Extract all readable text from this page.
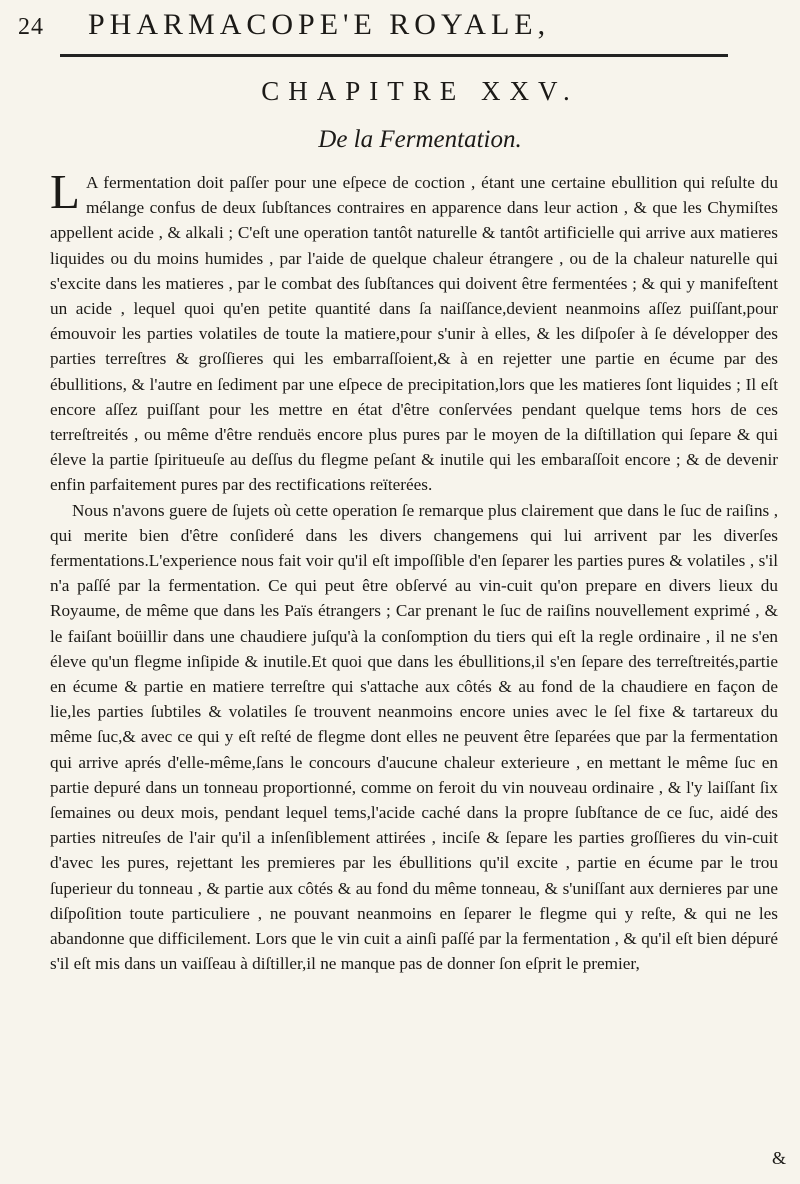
24 PHARMACOPE'E ROYALE,
CHAPITRE XXV.
De la Fermentation.

L A fermentation doit paſſer pour une eſpece de coction , étant une certaine ebullition qui reſulte du mélange confus de deux ſubſtances contraires en apparence dans leur action , & que les Chymiſtes appellent acide , & alkali ; C'eſt une operation tantôt naturelle & tantôt artificielle qui arrive aux matieres liquides ou du moins humides , par l'aide de quelque chaleur étrangere , ou de la chaleur naturelle qui s'excite dans les matieres , par le combat des ſubſtances qui doivent être fermentées ; & qui y manifeſtent un acide , lequel quoi qu'en petite quantité dans ſa naiſſance,devient neanmoins aſſez puiſſant,pour émouvoir les parties volatiles de toute la matiere,pour s'unir à elles, & les diſpoſer à ſe développer des parties terreſtres & groſſieres qui les embarraſſoient,& à en rejetter une partie en écume par des ébullitions, & l'autre en ſediment par une eſpece de precipitation,lors que les matieres ſont liquides ; Il eſt encore aſſez puiſſant pour les mettre en état d'être conſervées pendant quelque tems hors de ces terreſtreités , ou même d'être renduës encore plus pures par le moyen de la diſtillation qui ſepare & qui éleve la partie ſpiritueuſe au deſſus du flegme peſant & inutile qui les embaraſſoit encore ; & de devenir enfin parfaitement pures par des rectifications reïterées.

Nous n'avons guere de ſujets où cette operation ſe remarque plus clairement que dans le ſuc de raiſins , qui merite bien d'être conſideré dans les divers changemens qui lui arrivent par les diverſes fermentations.L'experience nous fait voir qu'il eſt impoſſible d'en ſeparer les parties pures & volatiles , s'il n'a paſſé par la fermentation. Ce qui peut être obſervé au vin-cuit qu'on prepare en divers lieux du Royaume, de même que dans les Païs étrangers ; Car prenant le ſuc de raiſins nouvellement exprimé , & le faiſant boüillir dans une chaudiere juſqu'à la conſomption du tiers qui eſt la regle ordinaire , il ne s'en éleve qu'un flegme inſipide & inutile.Et quoi que dans les ébullitions,il s'en ſepare des terreſtreités,partie en écume & partie en matiere terreſtre qui s'attache aux côtés & au fond de la chaudiere en façon de lie,les parties ſubtiles & volatiles ſe trouvent neanmoins encore unies avec le ſel fixe & tartareux du même ſuc,& avec ce qui y eſt reſté de flegme dont elles ne peuvent être ſeparées que par la fermentation qui arrive aprés d'elle-même,ſans le concours d'aucune chaleur exterieure , en mettant le même ſuc en partie depuré dans un tonneau proportionné, comme on feroit du vin nouveau ordinaire , & l'y laiſſant ſix ſemaines ou deux mois, pendant lequel tems,l'acide caché dans la propre ſubſtance de ce ſuc, aidé des parties nitreuſes de l'air qu'il a inſenſiblement attirées , inciſe & ſepare les parties groſſieres du vin-cuit d'avec les pures, rejettant les premieres par les ébullitions qu'il excite , partie en écume par le trou ſuperieur du tonneau , & partie aux côtés & au fond du même tonneau, & s'uniſſant aux dernieres par une diſpoſition toute particuliere , ne pouvant neanmoins en ſeparer le flegme qui y reſte, & qui ne les abandonne que difficilement. Lors que le vin cuit a ainſi paſſé par la fermentation , & qu'il eſt bien dépuré s'il eſt mis dans un vaiſſeau à diſtiller,il ne manque pas de donner ſon eſprit le premier,

&
